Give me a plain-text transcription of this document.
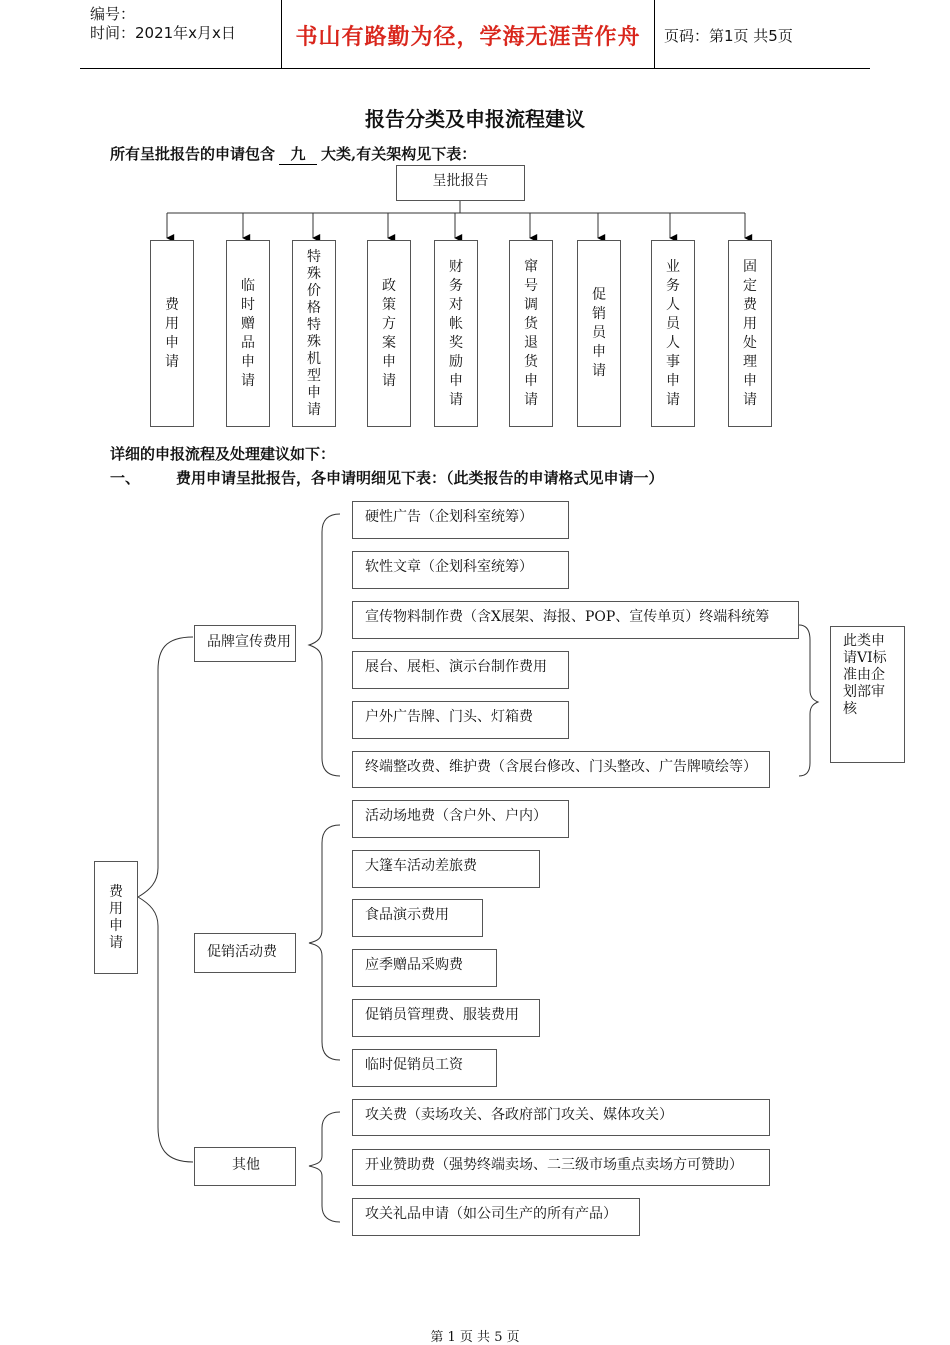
编号：
时间：2021年x月x日	书山有路勤为径，学海无涯苦作舟	页码：第1页 共5页
报告分类及申报流程建议
所有呈批报告的申请包含 九 大类,有关架构见下表：
呈批报告
费用申请
临时赠品申请
特殊价格特殊机型申请
政策方案申请
财务对帐奖励申请
窜号调货退货申请
促销员申请
业务人员人事申请
固定费用处理申请
详细的申报流程及处理建议如下：
一、 费用申请呈批报告，各申请明细见下表：（此类报告的申请格式见申请一）
费用申请
品牌宣传费用
促销活动费
其他
硬性广告（企划科室统筹）
软性文章（企划科室统筹）
宣传物料制作费（含X展架、海报、POP、宣传单页）终端科统筹
展台、展柜、演示台制作费用
户外广告牌、门头、灯箱费
终端整改费、维护费（含展台修改、门头整改、广告牌喷绘等）
此类申请VI标准由企划部审核
活动场地费（含户外、户内）
大篷车活动差旅费
食品演示费用
应季赠品采购费
促销员管理费、服装费用
临时促销员工资
攻关费（卖场攻关、各政府部门攻关、媒体攻关）
开业赞助费（强势终端卖场、二三级市场重点卖场方可赞助）
攻关礼品申请（如公司生产的所有产品）
第 1 页 共 5 页
